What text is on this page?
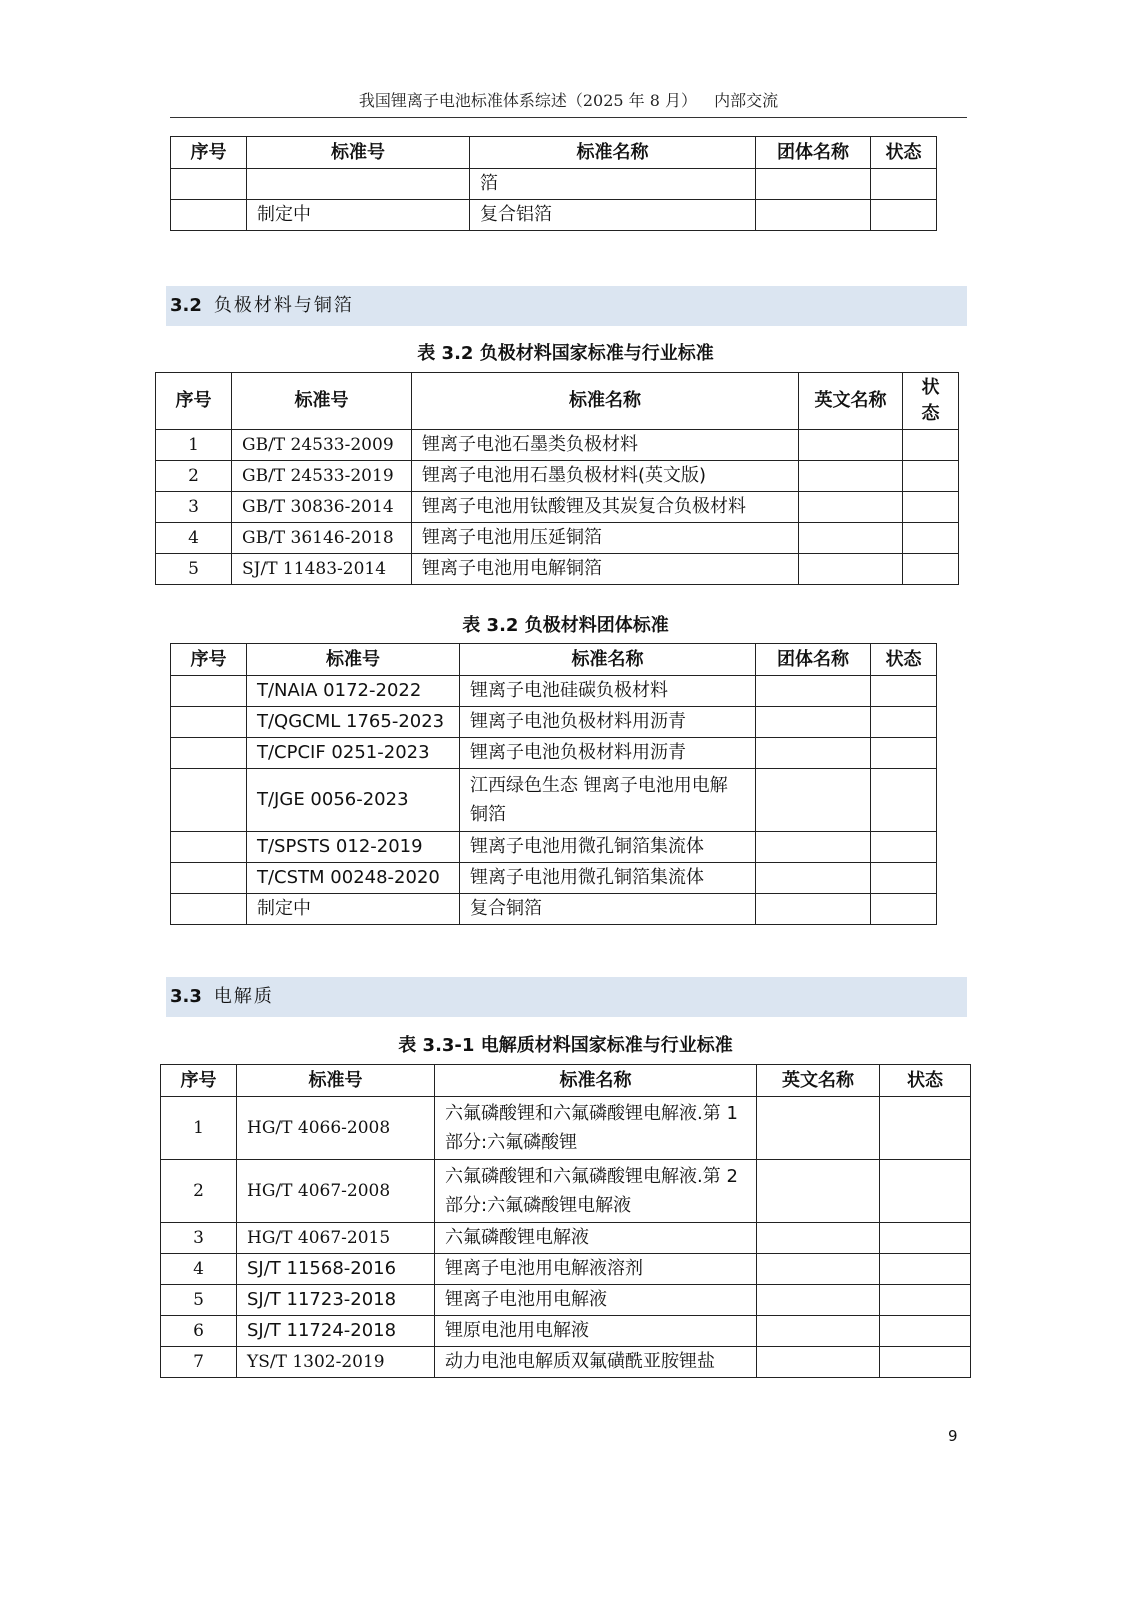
我国锂离子电池标准体系综述（2025 年 8 月） 内部交流
序号	标准号	标准名称	团体名称	状态
		箔		
	制定中	复合铝箔		
3.2 负极材料与铜箔
表 3.2 负极材料国家标准与行业标准
序号	标准号	标准名称	英文名称	状态
1	GB/T 24533-2009	锂离子电池石墨类负极材料		
2	GB/T 24533-2019	锂离子电池用石墨负极材料(英文版)		
3	GB/T 30836-2014	锂离子电池用钛酸锂及其炭复合负极材料		
4	GB/T 36146-2018	锂离子电池用压延铜箔		
5	SJ/T 11483-2014	锂离子电池用电解铜箔		
表 3.2 负极材料团体标准
序号	标准号	标准名称	团体名称	状态
	T/NAIA 0172-2022	锂离子电池硅碳负极材料		
	T/QGCML 1765-2023	锂离子电池负极材料用沥青		
	T/CPCIF 0251-2023	锂离子电池负极材料用沥青		
	T/JGE 0056-2023	江西绿色生态 锂离子电池用电解铜箔		
	T/SPSTS 012-2019	锂离子电池用微孔铜箔集流体		
	T/CSTM 00248-2020	锂离子电池用微孔铜箔集流体		
	制定中	复合铜箔		
3.3 电解质
表 3.3-1 电解质材料国家标准与行业标准
序号	标准号	标准名称	英文名称	状态
1	HG/T 4066-2008	六氟磷酸锂和六氟磷酸锂电解液.第 1 部分:六氟磷酸锂		
2	HG/T 4067-2008	六氟磷酸锂和六氟磷酸锂电解液.第 2 部分:六氟磷酸锂电解液		
3	HG/T 4067-2015	六氟磷酸锂电解液		
4	SJ/T 11568-2016	锂离子电池用电解液溶剂		
5	SJ/T 11723-2018	锂离子电池用电解液		
6	SJ/T 11724-2018	锂原电池用电解液		
7	YS/T 1302-2019	动力电池电解质双氟磺酰亚胺锂盐		
9
